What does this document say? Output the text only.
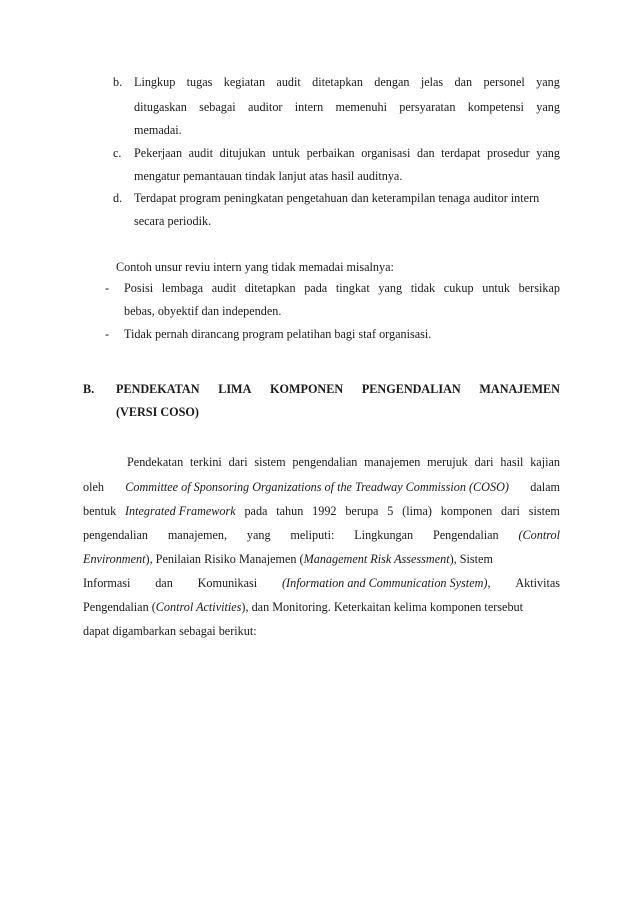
b. Lingkup tugas kegiatan audit ditetapkan dengan jelas dan personel yang
ditugaskan sebagai auditor intern memenuhi persyaratan kompetensi yang
memadai.
c. Pekerjaan audit ditujukan untuk perbaikan organisasi dan terdapat prosedur yang
mengatur pemantauan tindak lanjut atas hasil auditnya.
d. Terdapat program peningkatan pengetahuan dan keterampilan tenaga auditor intern
secara periodik.
Contoh unsur reviu intern yang tidak memadai misalnya:
- Posisi lembaga audit ditetapkan pada tingkat yang tidak cukup untuk bersikap
bebas, obyektif dan independen.
- Tidak pernah dirancang program pelatihan bagi staf organisasi.
B. PENDEKATAN LIMA KOMPONEN PENGENDALIAN MANAJEMEN
(VERSI COSO)
Pendekatan terkini dari sistem pengendalian manajemen merujuk dari hasil kajian
oleh Committee of Sponsoring Organizations of the Treadway Commission (COSO) dalam
bentuk Integrated Framework pada tahun 1992 berupa 5 (lima) komponen dari sistem
pengendalian manajemen, yang meliputi: Lingkungan Pengendalian (Control
Environment), Penilaian Risiko Manajemen (Management Risk Assessment), Sistem
Informasi dan Komunikasi (Information and Communication System), Aktivitas
Pengendalian (Control Activities), dan Monitoring. Keterkaitan kelima komponen tersebut
dapat digambarkan sebagai berikut:
